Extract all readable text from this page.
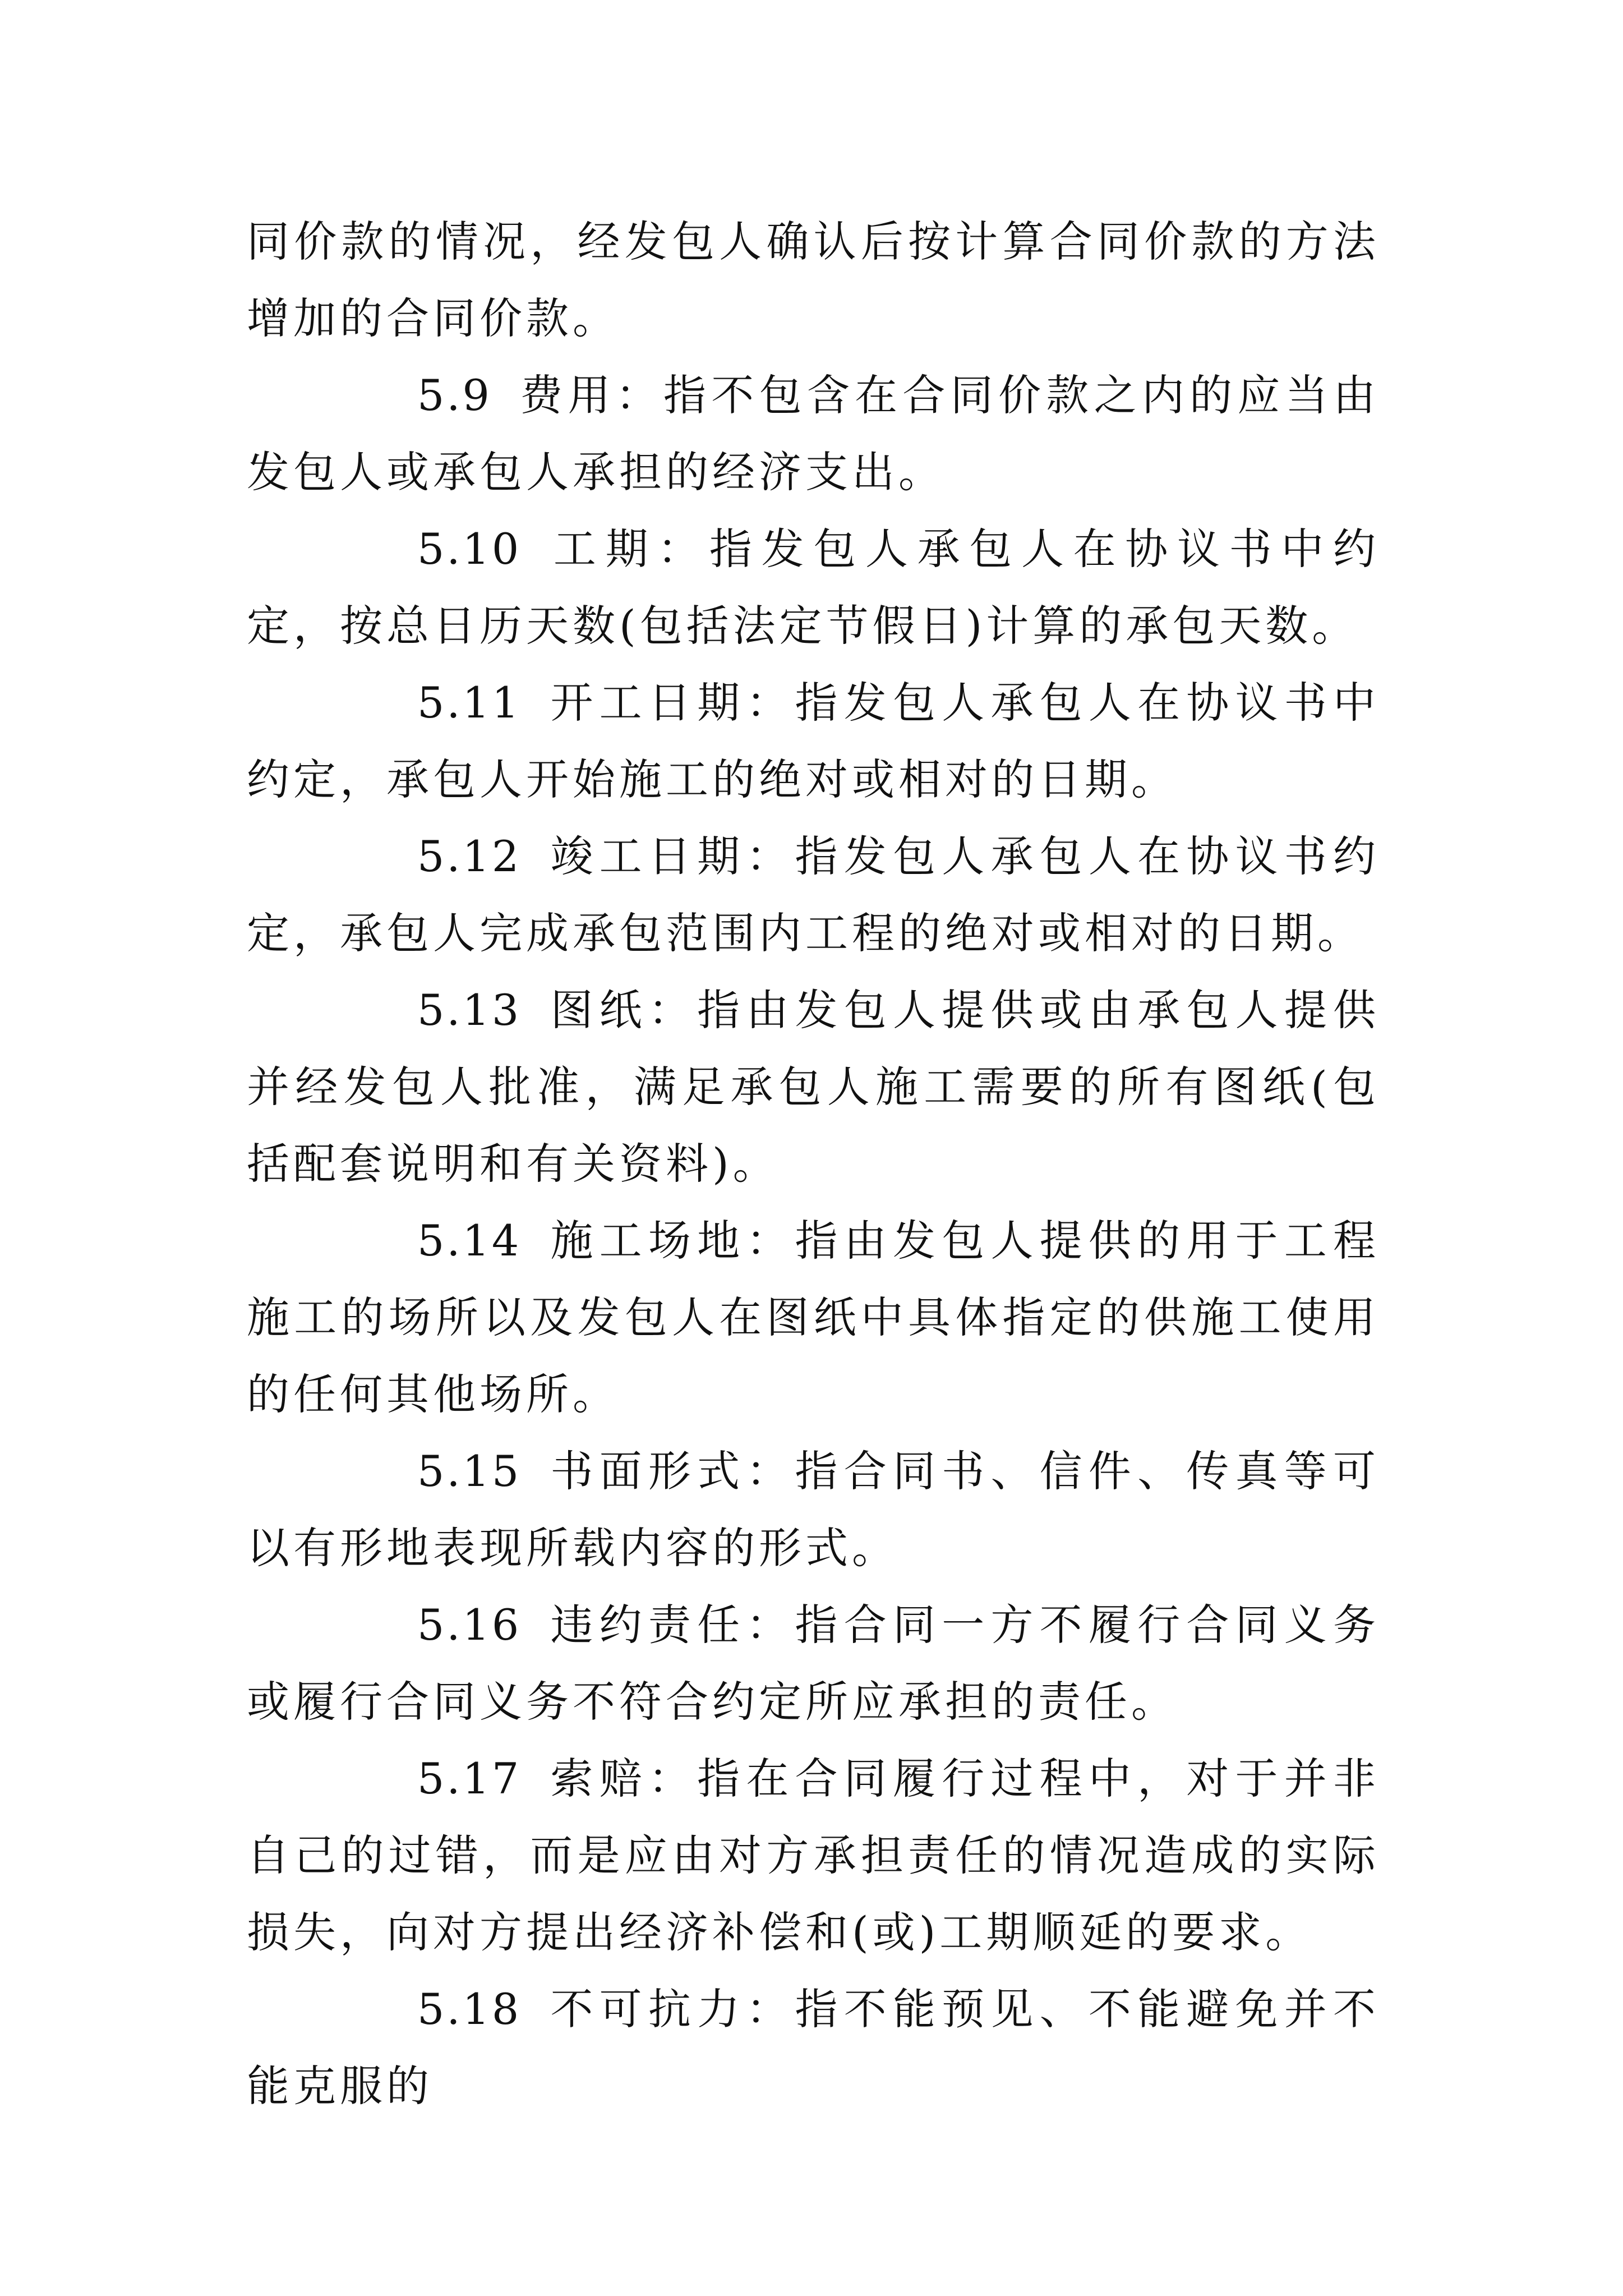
同价款的情况，经发包人确认后按计算合同价款的方法增加的合同价款。

5.9 费用：指不包含在合同价款之内的应当由发包人或承包人承担的经济支出。

5.10 工期：指发包人承包人在协议书中约定，按总日历天数(包括法定节假日)计算的承包天数。

5.11 开工日期：指发包人承包人在协议书中约定，承包人开始施工的绝对或相对的日期。

5.12 竣工日期：指发包人承包人在协议书约定，承包人完成承包范围内工程的绝对或相对的日期。

5.13 图纸：指由发包人提供或由承包人提供并经发包人批准，满足承包人施工需要的所有图纸(包括配套说明和有关资料)。

5.14 施工场地：指由发包人提供的用于工程施工的场所以及发包人在图纸中具体指定的供施工使用的任何其他场所。

5.15 书面形式：指合同书、信件、传真等可以有形地表现所载内容的形式。

5.16 违约责任：指合同一方不履行合同义务或履行合同义务不符合约定所应承担的责任。

5.17 索赔：指在合同履行过程中，对于并非自己的过错，而是应由对方承担责任的情况造成的实际损失，向对方提出经济补偿和(或)工期顺延的要求。

5.18 不可抗力：指不能预见、不能避免并不能克服的
